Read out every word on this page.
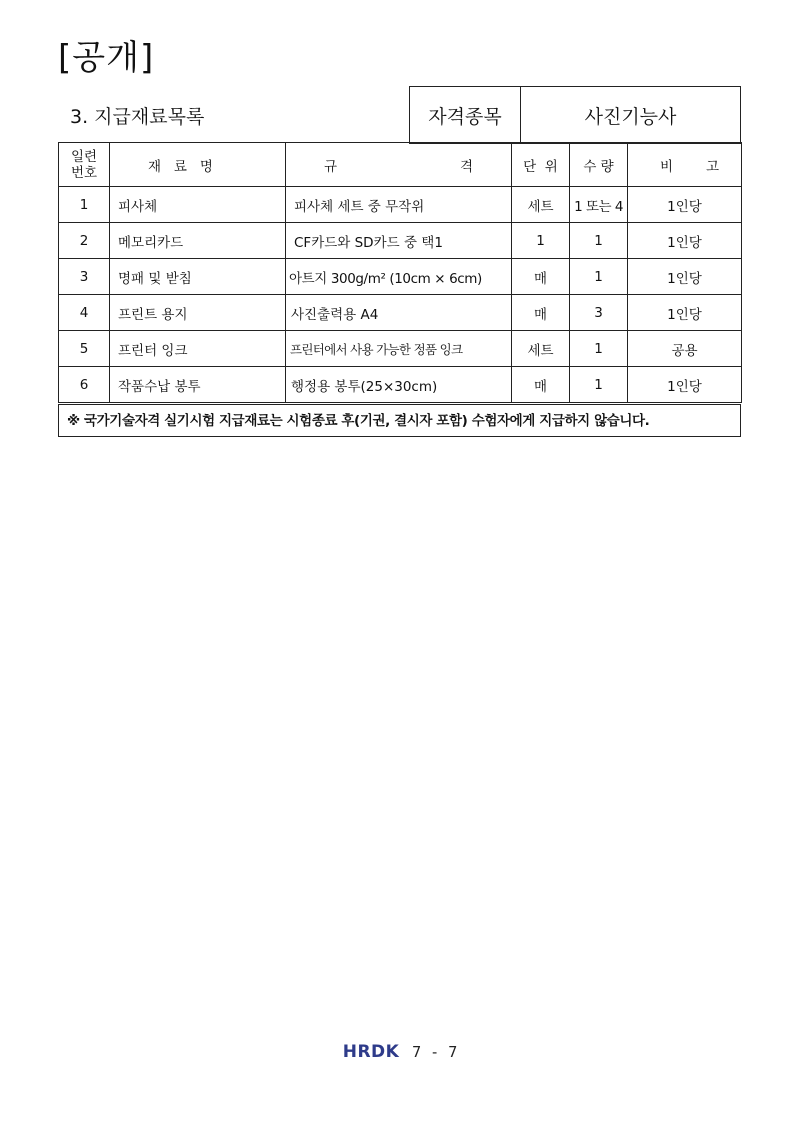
[공개]
3. 지급재료목록	자격종목	사진기능사
일련
번호	재   료   명	규 격	단  위	수 량	비 고

1	피사체	피사체 세트 중 무작위	세트	1 또는 4	1인당
2	메모리카드	CF카드와 SD카드 중 택1	1	1	1인당
3	명패 및 받침	아트지 300g/m² (10cm × 6cm)	매	1	1인당
4	프린트 용지	사진출력용 A4	매	3	1인당
5	프린터 잉크	프린터에서 사용 가능한 정품 잉크	세트	1	공용
6	작품수납 봉투	행정용 봉투(25×30cm)	매	1	1인당
※ 국가기술자격 실기시험 지급재료는 시험종료 후(기권, 결시자 포함) 수험자에게 지급하지 않습니다.
HRDK 7 - 7
